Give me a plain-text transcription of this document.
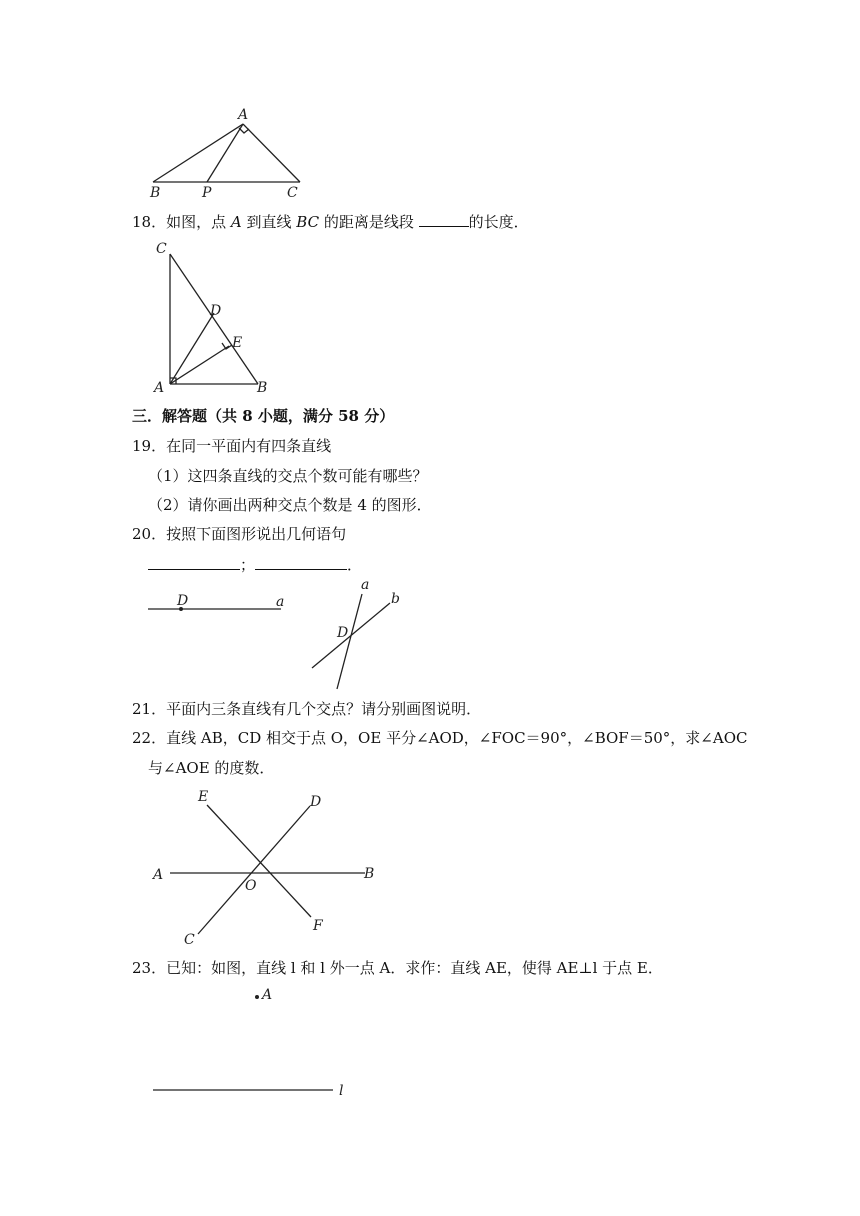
A
B	P	C
C
D
E
A	B
D	a
a
b
D
E	D
A	B
O
C
F
A
l
18．如图，点 A 到直线 BC 的距离是线段	的长度．
三．解答题（共 8 小题，满分 58 分）
19．在同一平面内有四条直线
（1）这四条直线的交点个数可能有哪些？
（2）请你画出两种交点个数是 4 的图形．
20．按照下面图形说出几何语句
；	．
21．平面内三条直线有几个交点？请分别画图说明．
22．直线 AB，CD 相交于点 O，OE 平分∠AOD，∠FOC＝90°，∠BOF＝50°，求∠AOC
与∠AOE 的度数．
23．已知：如图，直线 l 和 l 外一点 A．求作：直线 AE，使得 AE⊥l 于点 E．
